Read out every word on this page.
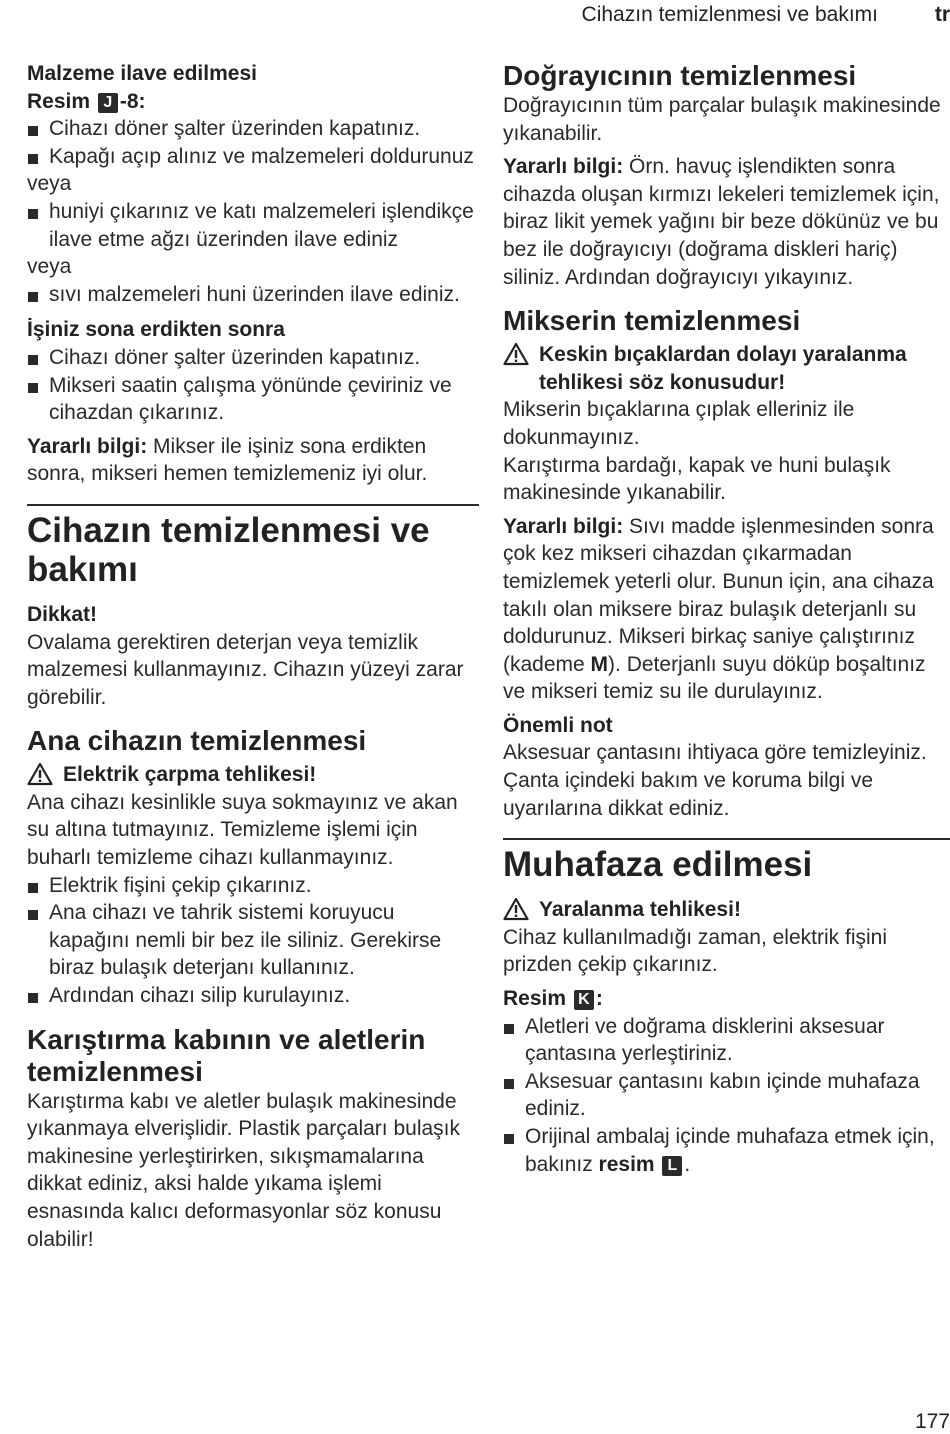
Cihazın temizlenmesi ve bakımı	tr

Malzeme ilave edilmesi

Resim J -8:

Cihazı döner şalter üzerinden kapatınız.
Kapağı açıp alınız ve malzemeleri doldurunuz

veya

huniyi çıkarınız ve katı malzemeleri işlendikçe ilave etme ağzı üzerinden ilave ediniz

veya

sıvı malzemeleri huni üzerinden ilave ediniz.

İşiniz sona erdikten sonra

Cihazı döner şalter üzerinden kapatınız.
Mikseri saatin çalışma yönünde çeviriniz ve cihazdan çıkarınız.

Yararlı bilgi: Mikser ile işiniz sona erdikten sonra, mikseri hemen temizlemeniz iyi olur.

Cihazın temizlenmesi ve bakımı

Dikkat!

Ovalama gerektiren deterjan veya temizlik malzemesi kullanmayınız. Cihazın yüzeyi zarar görebilir.

Ana cihazın temizlenmesi

Elektrik çarpma tehlikesi!

Ana cihazı kesinlikle suya sokmayınız ve akan su altına tutmayınız. Temizleme işlemi için buharlı temizleme cihazı kullanmayınız.

Elektrik fişini çekip çıkarınız.
Ana cihazı ve tahrik sistemi koruyucu kapağını nemli bir bez ile siliniz. Gerekirse biraz bulaşık deterjanı kullanınız.
Ardından cihazı silip kurulayınız.

Karıştırma kabının ve aletlerin temizlenmesi

Karıştırma kabı ve aletler bulaşık makinesinde yıkanmaya elverişlidir. Plastik parçaları bulaşık makinesine yerleştirirken, sıkışmamalarına dikkat ediniz, aksi halde yıkama işlemi esnasında kalıcı deformasyonlar söz konusu olabilir!

Doğrayıcının temizlenmesi

Doğrayıcının tüm parçalar bulaşık makinesinde yıkanabilir.

Yararlı bilgi: Örn. havuç işlendikten sonra cihazda oluşan kırmızı lekeleri temizlemek için, biraz likit yemek yağını bir beze dökünüz ve bu bez ile doğrayıcıyı (doğrama diskleri hariç) siliniz. Ardından doğrayıcıyı yıkayınız.

Mikserin temizlenmesi

Keskin bıçaklardan dolayı yaralanma tehlikesi söz konusudur!

Mikserin bıçaklarına çıplak elleriniz ile dokunmayınız.

Karıştırma bardağı, kapak ve huni bulaşık makinesinde yıkanabilir.

Yararlı bilgi: Sıvı madde işlenmesinden sonra çok kez mikseri cihazdan çıkarmadan temizlemek yeterli olur. Bunun için, ana cihaza takılı olan miksere biraz bulaşık deterjanlı su doldurunuz. Mikseri birkaç saniye çalıştırınız (kademe M). Deterjanlı suyu döküp boşaltınız ve mikseri temiz su ile durulayınız.

Önemli not

Aksesuar çantasını ihtiyaca göre temizleyiniz. Çanta içindeki bakım ve koruma bilgi ve uyarılarına dikkat ediniz.

Muhafaza edilmesi

Yaralanma tehlikesi!

Cihaz kullanılmadığı zaman, elektrik fişini prizden çekip çıkarınız.

Resim K :

Aletleri ve doğrama disklerini aksesuar çantasına yerleştiriniz.
Aksesuar çantasını kabın içinde muhafaza ediniz.
Orijinal ambalaj içinde muhafaza etmek için, bakınız resim L .
177
